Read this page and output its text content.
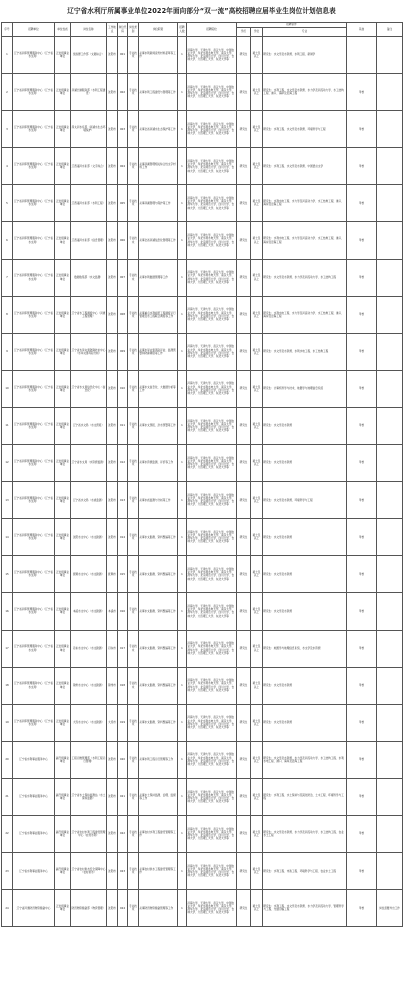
辽宁省水利厅所属事业单位2022年面向部分“双一流”高校招聘应届毕业生岗位计划信息表
序号	招聘单位	单位性质	岗位名称	工作地点	岗位代码	岗位类别	岗位职责	招聘人数	招聘院校	招聘条件			其他	备注
										学历	学位	专业		
1	辽宁省河库管理服务中心（辽宁省水文局）	正处级事业单位	党政群工作部（文秘综合）	沈阳市	001	专业技术	从事水利新闻宣传材料起草等工作	1	河海大学、天津大学、武汉大学、中国农业大学、华北水利水电大学、南京大学、清华大学、北京师范大学、四川大学、吉林大学、大连理工大学、东北大学等	研究生	硕士及以上	研究生：水文学及水资源、水利工程、新闻学		
2	辽宁省河库管理服务中心（辽宁省水文局）	正处级事业单位	河湖长制服务部（水利工程建设）	沈阳市	002	专业技术	从事水利工程建设与管理等工作	1	河海大学、天津大学、武汉大学、中国农业大学、华北水利水电大学、南京大学、清华大学、北京师范大学、四川大学、吉林大学、大连理工大学、东北大学等	研究生	硕士及以上	研究生：水利工程、水文学及水资源、水力学及河流动力学、水工结构工程、港口、海岸及近海工程	考核	
3	辽宁省河库管理服务中心（辽宁省水文局）	正处级事业单位	浑太河水系部（河湖水生态环境保护）	沈阳市	003	专业技术	从事全省河湖水生态保护等工作	1	河海大学、天津大学、武汉大学、中国农业大学、华北水利水电大学、南京大学、清华大学、北京师范大学、四川大学、吉林大学、大连理工大学、东北大学等	研究生	硕士及以上	研究生：水利工程、水文学及水资源、环境科学与工程	考核	
4	辽宁省河库管理服务中心（辽宁省水文局）	正处级事业单位	辽西诸河水系部（文字综合）	沈阳市	004	专业技术	从事河湖管理相关综合性文字材料工作	1	河海大学、天津大学、武汉大学、中国农业大学、华北水利水电大学、南京大学、清华大学、北京师范大学、四川大学、吉林大学、大连理工大学、东北大学等	研究生	硕士及以上	研究生：水利工程、水文学及水资源、中国语言文学	考核	
5	辽宁省河库管理服务中心（辽宁省水文局）	正处级事业单位	辽西诸河水系部（水利工程）	沈阳市	005	专业技术	从事河湖管理与保护等工作	1	河海大学、天津大学、武汉大学、中国农业大学、华北水利水电大学、南京大学、清华大学、北京师范大学、四川大学、吉林大学、大连理工大学、东北大学等	研究生	硕士及以上	研究生：水利水电工程、水力学及河流动力学、水工结构工程、港口、海岸及近海工程	考核	
6	辽宁省河库管理服务中心（辽宁省水文局）	正处级事业单位	辽西诸河水系部（信息管理）	沈阳市	006	专业技术	从事全省河湖信息化管理等工作	1	河海大学、天津大学、武汉大学、中国农业大学、华北水利水电大学、南京大学、清华大学、北京师范大学、四川大学、吉林大学、大连理工大学、东北大学等	研究生	硕士及以上	研究生：水利水电工程、水力学及河流动力学、水工结构工程、港口、海岸及近海工程	考核	
7	辽宁省河库管理服务中心（辽宁省水文局）	正处级事业单位	数据收集部（水文监测）	沈阳市	007	专业技术	从事水利数据管理等工作	1	河海大学、天津大学、武汉大学、中国农业大学、华北水利水电大学、南京大学、清华大学、北京师范大学、四川大学、吉林大学、大连理工大学、东北大学等	研究生	硕士及以上	研究生：水文学及水资源、水力学及河流动力学、水工结构工程	考核	
8	辽宁省河库管理服务中心（辽宁省水文局）	正处级事业单位	辽宁省水工程调度中心（河道工程管理）	沈阳市	008	专业技术	从事重点水利枢纽工程调度运行管理及水工程联合调度等工作	1	河海大学、天津大学、武汉大学、中国农业大学、华北水利水电大学、南京大学、清华大学、北京师范大学、四川大学、吉林大学、大连理工大学、东北大学等	研究生	硕士及以上	研究生：水利水电工程、水力学及河流动力学、水工结构工程、港口、海岸及近海工程	考核	
9	辽宁省河库管理服务中心（辽宁省水文局）	正处级事业单位	辽宁省水旱灾害防御技术中心（水旱灾害风险分析）	沈阳市	009	专业技术	从事水旱灾害风险评估、监测预警和防御调度等工作	1	河海大学、天津大学、武汉大学、中国农业大学、华北水利水电大学、南京大学、清华大学、北京师范大学、四川大学、吉林大学、大连理工大学、东北大学等	研究生	硕士及以上	研究生：水文学及水资源、水利水电工程、水工结构工程	考核	
10	辽宁省河库管理服务中心（辽宁省水文局）	正处级事业单位	辽宁省水文局信息化中心（信息化）	沈阳市	010	专业技术	从事水文信息化、大数据分析等工作	1	河海大学、天津大学、武汉大学、中国农业大学、华北水利水电大学、南京大学、清华大学、北京师范大学、四川大学、吉林大学、大连理工大学、东北大学等	研究生	硕士及以上	研究生：计算机科学与技术、地图学与地理信息系统	考核	
11	辽宁省河库管理服务中心（辽宁省水文局）	正处级事业单位	辽宁省水文局（水文预报）	沈阳市	011	专业技术	从事水文预报、洪水预警等工作	1	河海大学、天津大学、武汉大学、中国农业大学、华北水利水电大学、南京大学、清华大学、北京师范大学、四川大学、吉林大学、大连理工大学、东北大学等	研究生	硕士及以上	研究生：水文学及水资源	考核	
12	辽宁省河库管理服务中心（辽宁省水文局）	正处级事业单位	辽宁省水文局（水资源监测）	沈阳市	012	专业技术	从事水资源监测、评价等工作	1	河海大学、天津大学、武汉大学、中国农业大学、华北水利水电大学、南京大学、清华大学、北京师范大学、四川大学、吉林大学、大连理工大学、东北大学等	研究生	硕士及以上	研究生：水文学及水资源	考核	
13	辽宁省河库管理服务中心（辽宁省水文局）	正处级事业单位	辽宁省水文局（水质监测）	沈阳市	013	专业技术	从事水质监测与分析等工作	1	河海大学、天津大学、武汉大学、中国农业大学、华北水利水电大学、南京大学、清华大学、北京师范大学、四川大学、吉林大学、大连理工大学、东北大学等	研究生	硕士及以上	研究生：水文学及水资源、环境科学与工程	考核	
14	辽宁省河库管理服务中心（辽宁省水文局）	正处级事业单位	沈阳水文中心（水文勘测）	沈阳市	014	专业技术	从事水文勘测、资料整编等工作	1	河海大学、天津大学、武汉大学、中国农业大学、华北水利水电大学、南京大学、清华大学、北京师范大学、四川大学、吉林大学、大连理工大学、东北大学等	研究生	硕士及以上	研究生：水文学及水资源	考核	
15	辽宁省河库管理服务中心（辽宁省水文局）	正处级事业单位	抚顺水文中心（水文勘测）	抚顺市	015	专业技术	从事水文勘测、资料整编等工作	1	河海大学、天津大学、武汉大学、中国农业大学、华北水利水电大学、南京大学、清华大学、北京师范大学、四川大学、吉林大学、大连理工大学、东北大学等	研究生	硕士及以上	研究生：水文学及水资源	考核	
16	辽宁省河库管理服务中心（辽宁省水文局）	正处级事业单位	本溪水文中心（水文勘测）	本溪市	016	专业技术	从事水文勘测、资料整编等工作	1	河海大学、天津大学、武汉大学、中国农业大学、华北水利水电大学、南京大学、清华大学、北京师范大学、四川大学、吉林大学、大连理工大学、东北大学等	研究生	硕士及以上	研究生：水文学及水资源	考核	
17	辽宁省河库管理服务中心（辽宁省水文局）	正处级事业单位	丹东水文中心（水文勘测）	丹东市	017	专业技术	从事水文勘测、资料整编等工作	1	河海大学、天津大学、武汉大学、中国农业大学、华北水利水电大学、南京大学、清华大学、北京师范大学、四川大学、吉林大学、大连理工大学、东北大学等	研究生	硕士及以上	研究生：地图学与地理信息系统、水文学及水资源	考核	
18	辽宁省河库管理服务中心（辽宁省水文局）	正处级事业单位	锦州水文中心（水文勘测）	锦州市	018	专业技术	从事水文勘测、资料整编等工作	1	河海大学、天津大学、武汉大学、中国农业大学、华北水利水电大学、南京大学、清华大学、北京师范大学、四川大学、吉林大学、大连理工大学、东北大学等	研究生	硕士及以上	研究生：水文学及水资源	考核	
19	辽宁省河库管理服务中心（辽宁省水文局）	正处级事业单位	大连水文中心（水文勘测）	大连市	019	专业技术	从事水文勘测、资料整编等工作	1	河海大学、天津大学、武汉大学、中国农业大学、华北水利水电大学、南京大学、清华大学、北京师范大学、四川大学、吉林大学、大连理工大学、东北大学等	研究生	硕士及以上	研究生：水文学及水资源	考核	
20	辽宁省水利事业服务中心	副厅级事业单位	工程运维管理部（水利工程运行管理）	沈阳市	020	专业技术	从事水利工程运行管理等工作	1	河海大学、天津大学、武汉大学、中国农业大学、华北水利水电大学、南京大学、清华大学、北京师范大学、四川大学、吉林大学、大连理工大学、东北大学等	研究生	硕士及以上	研究生：水文学及水资源、水力学及河流动力学、水工结构工程、水利水电工程、港口、海岸及近海工程	考核	
21	辽宁省水利事业服务中心	副厅级事业单位	辽宁省水土保持监测站（水土保持监测）	沈阳市	021	专业技术	从事水土保持监测、治理、监督等工作	1	河海大学、天津大学、武汉大学、中国农业大学、华北水利水电大学、南京大学、清华大学、北京师范大学、四川大学、吉林大学、大连理工大学、东北大学等	研究生	硕士及以上	研究生：水利工程、水土保持与荒漠化防治、土木工程、环境科学与工程	考核	
22	辽宁省水利事业服务中心	副厅级事业单位	辽宁省农村水利工程建设管理中心（农村水利）	沈阳市	022	专业技术	从事农村水利工程建设管理等工作	1	河海大学、天津大学、武汉大学、中国农业大学、华北水利水电大学、南京大学、清华大学、北京师范大学、四川大学、吉林大学、大连理工大学、东北大学等	研究生	硕士及以上	研究生：水文学及水资源、水力学及河流动力学、水工结构工程、农业水土工程	考核	
23	辽宁省水利事业服务中心	副厅级事业单位	辽宁省农村供水安全保障中心（农村供水）	沈阳市	023	专业技术	从事农村供水工程建设管理等工作	1	河海大学、天津大学、武汉大学、中国农业大学、华北水利水电大学、南京大学、清华大学、北京师范大学、四川大学、吉林大学、大连理工大学、东北大学等	研究生	硕士及以上	研究生：水利工程、市政工程、环境科学与工程、农业水土工程	考核	
24	辽宁省河道防汛物资储备中心	正处级事业单位	防汛物资储备部（物资管理）	沈阳市	024	专业技术	从事防汛物资储备管理等工作	1	河海大学、天津大学、武汉大学、中国农业大学、华北水利水电大学、南京大学、清华大学、北京师范大学、四川大学、吉林大学、大连理工大学、东北大学等	研究生	硕士及以上	研究生：水利工程、水文学及水资源、水力学及河流动力学、管理科学与工程、交通运输工程	考核	岗位需要外出工作
